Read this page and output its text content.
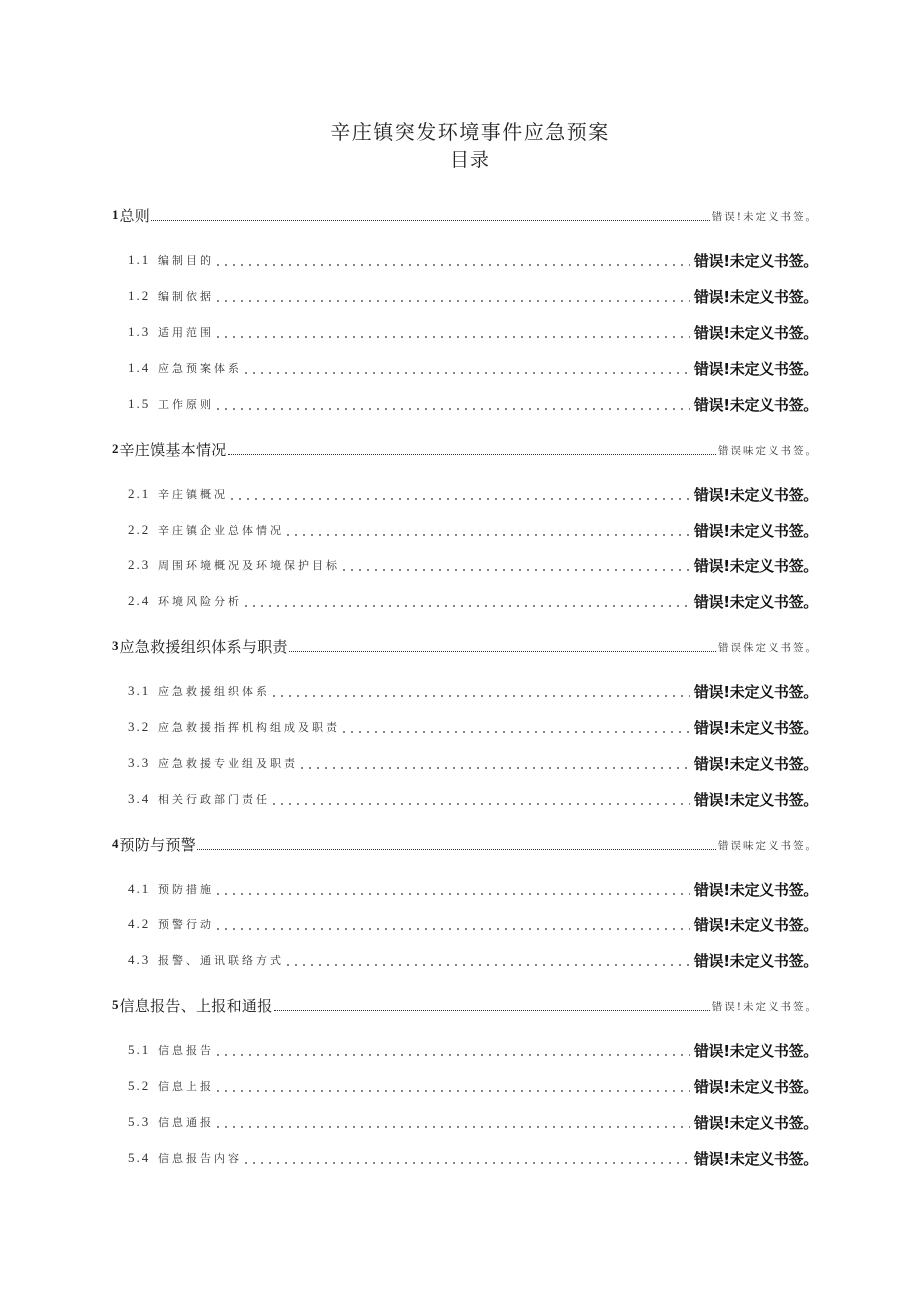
辛庄镇突发环境事件应急预案
目录
1 总则	错误!未定义书签。
1.1 编制目的	错误!未定义书签。
1.2 编制依据	错误!未定义书签。
1.3 适用范围	错误!未定义书签。
1.4 应急预案体系	错误!未定义书签。
1.5 工作原则	错误!未定义书签。
2 辛庄馍基本情况	错误味定义书签。
2.1 辛庄镇概况	错误!未定义书签。
2.2 辛庄镇企业总体情况	错误!未定义书签。
2.3 周围环境概况及环境保护目标	错误!未定义书签。
2.4 环境风险分析	错误!未定义书签。
3 应急救援组织体系与职责	错误侏定义书签。
3.1 应急救援组织体系	错误!未定义书签。
3.2 应急救援指挥机构组成及职责	错误!未定义书签。
3.3 应急救援专业组及职责	错误!未定义书签。
3.4 相关行政部门责任	错误!未定义书签。
4 预防与预警	错误味定义书签。
4.1 预防措施	错误!未定义书签。
4.2 预警行动	错误!未定义书签。
4.3 报警、通讯联络方式	错误!未定义书签。
5 信息报告、上报和通报	错误!未定义书签。
5.1 信息报告	错误!未定义书签。
5.2 信息上报	错误!未定义书签。
5.3 信息通报	错误!未定义书签。
5.4 信息报告内容	错误!未定义书签。
